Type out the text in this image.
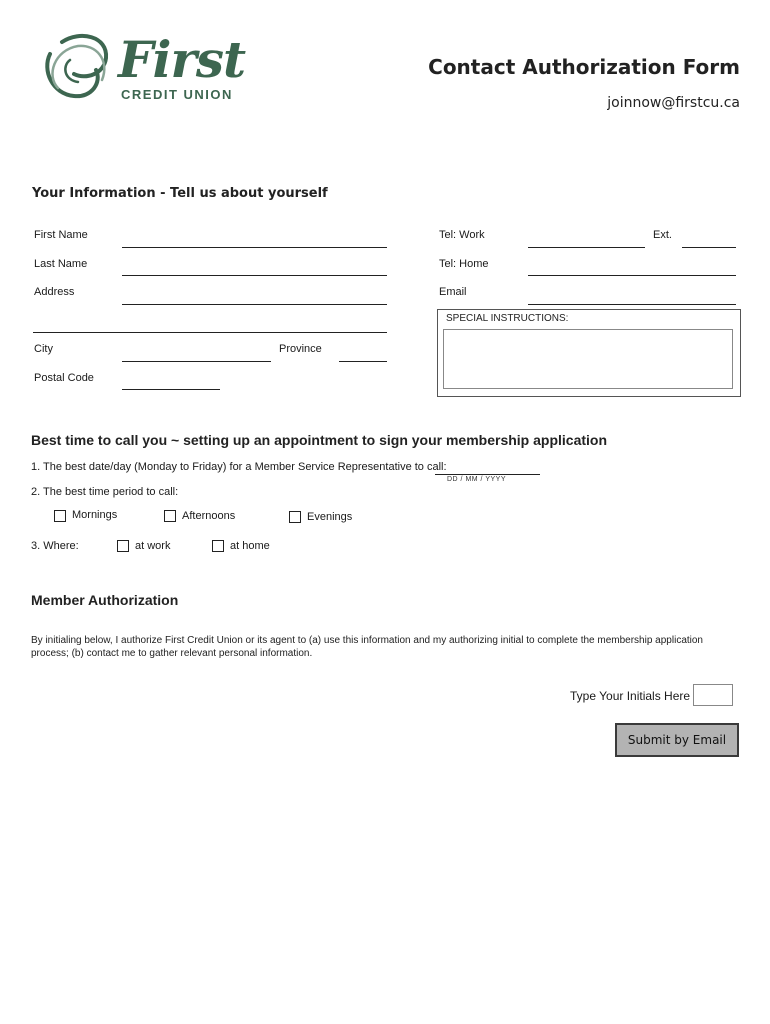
First
CREDIT UNION
Contact Authorization Form
joinnow@firstcu.ca
Your Information - Tell us about yourself
First Name
Last Name
Address
City	Province
Postal Code
Tel: Work	Ext.
Tel: Home
Email
SPECIAL INSTRUCTIONS:
Best time to call you ~ setting up an appointment to sign your membership application
1. The best date/day (Monday to Friday) for a Member Service Representative to call:
DD / MM / YYYY
2. The best time period to call:
Mornings	Afternoons	Evenings
3. Where:	at work	at home
Member Authorization
By initialing below, I authorize First Credit Union or its agent to (a) use this information and my authorizing initial to complete the membership application process; (b) contact me to gather relevant personal information.
Type Your Initials Here
Submit by Email
